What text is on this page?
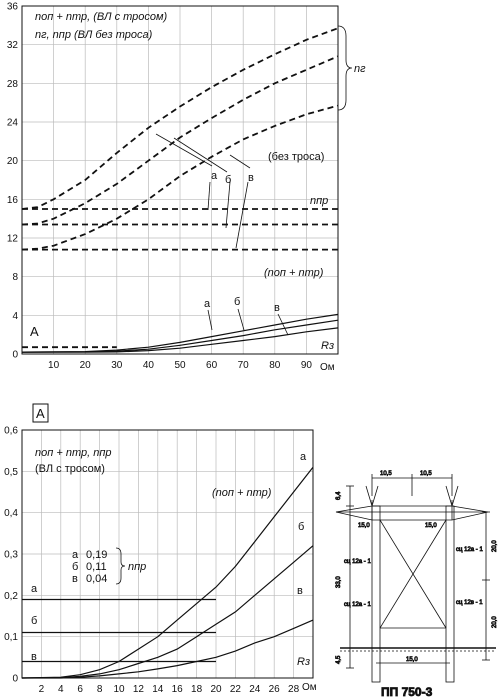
0
4
8
12
16
20
24
28
32
36
10 20 30 40 50 60 70 80 90
nоп + nтр, (ВЛ с тросом)
nг, nпр (ВЛ без троса)
A
Rз
Ом
nг
nпр
(без троса)
(nоп + nтр)
а б в
а б	в
0
0,1
0,2
0,3
0,4
0,5
0,6
2 4 6 8 10 12 14 16 18 20 22 24 26 28
A
nоп + nтр, nпр
(ВЛ с тросом)
(nоп + nтр)
Rз
Ом
а 0,19
б 0,11
в 0,04
nпр
а
б
в
а
б
в
10,5	10,5
15,0	15,0
6,4
33,0
4,5
20,0
20,0
сц 12а - 1
сц 12а - 1
сц 12а - 1
сц 12в - 1
15,0
ПП 750-3
